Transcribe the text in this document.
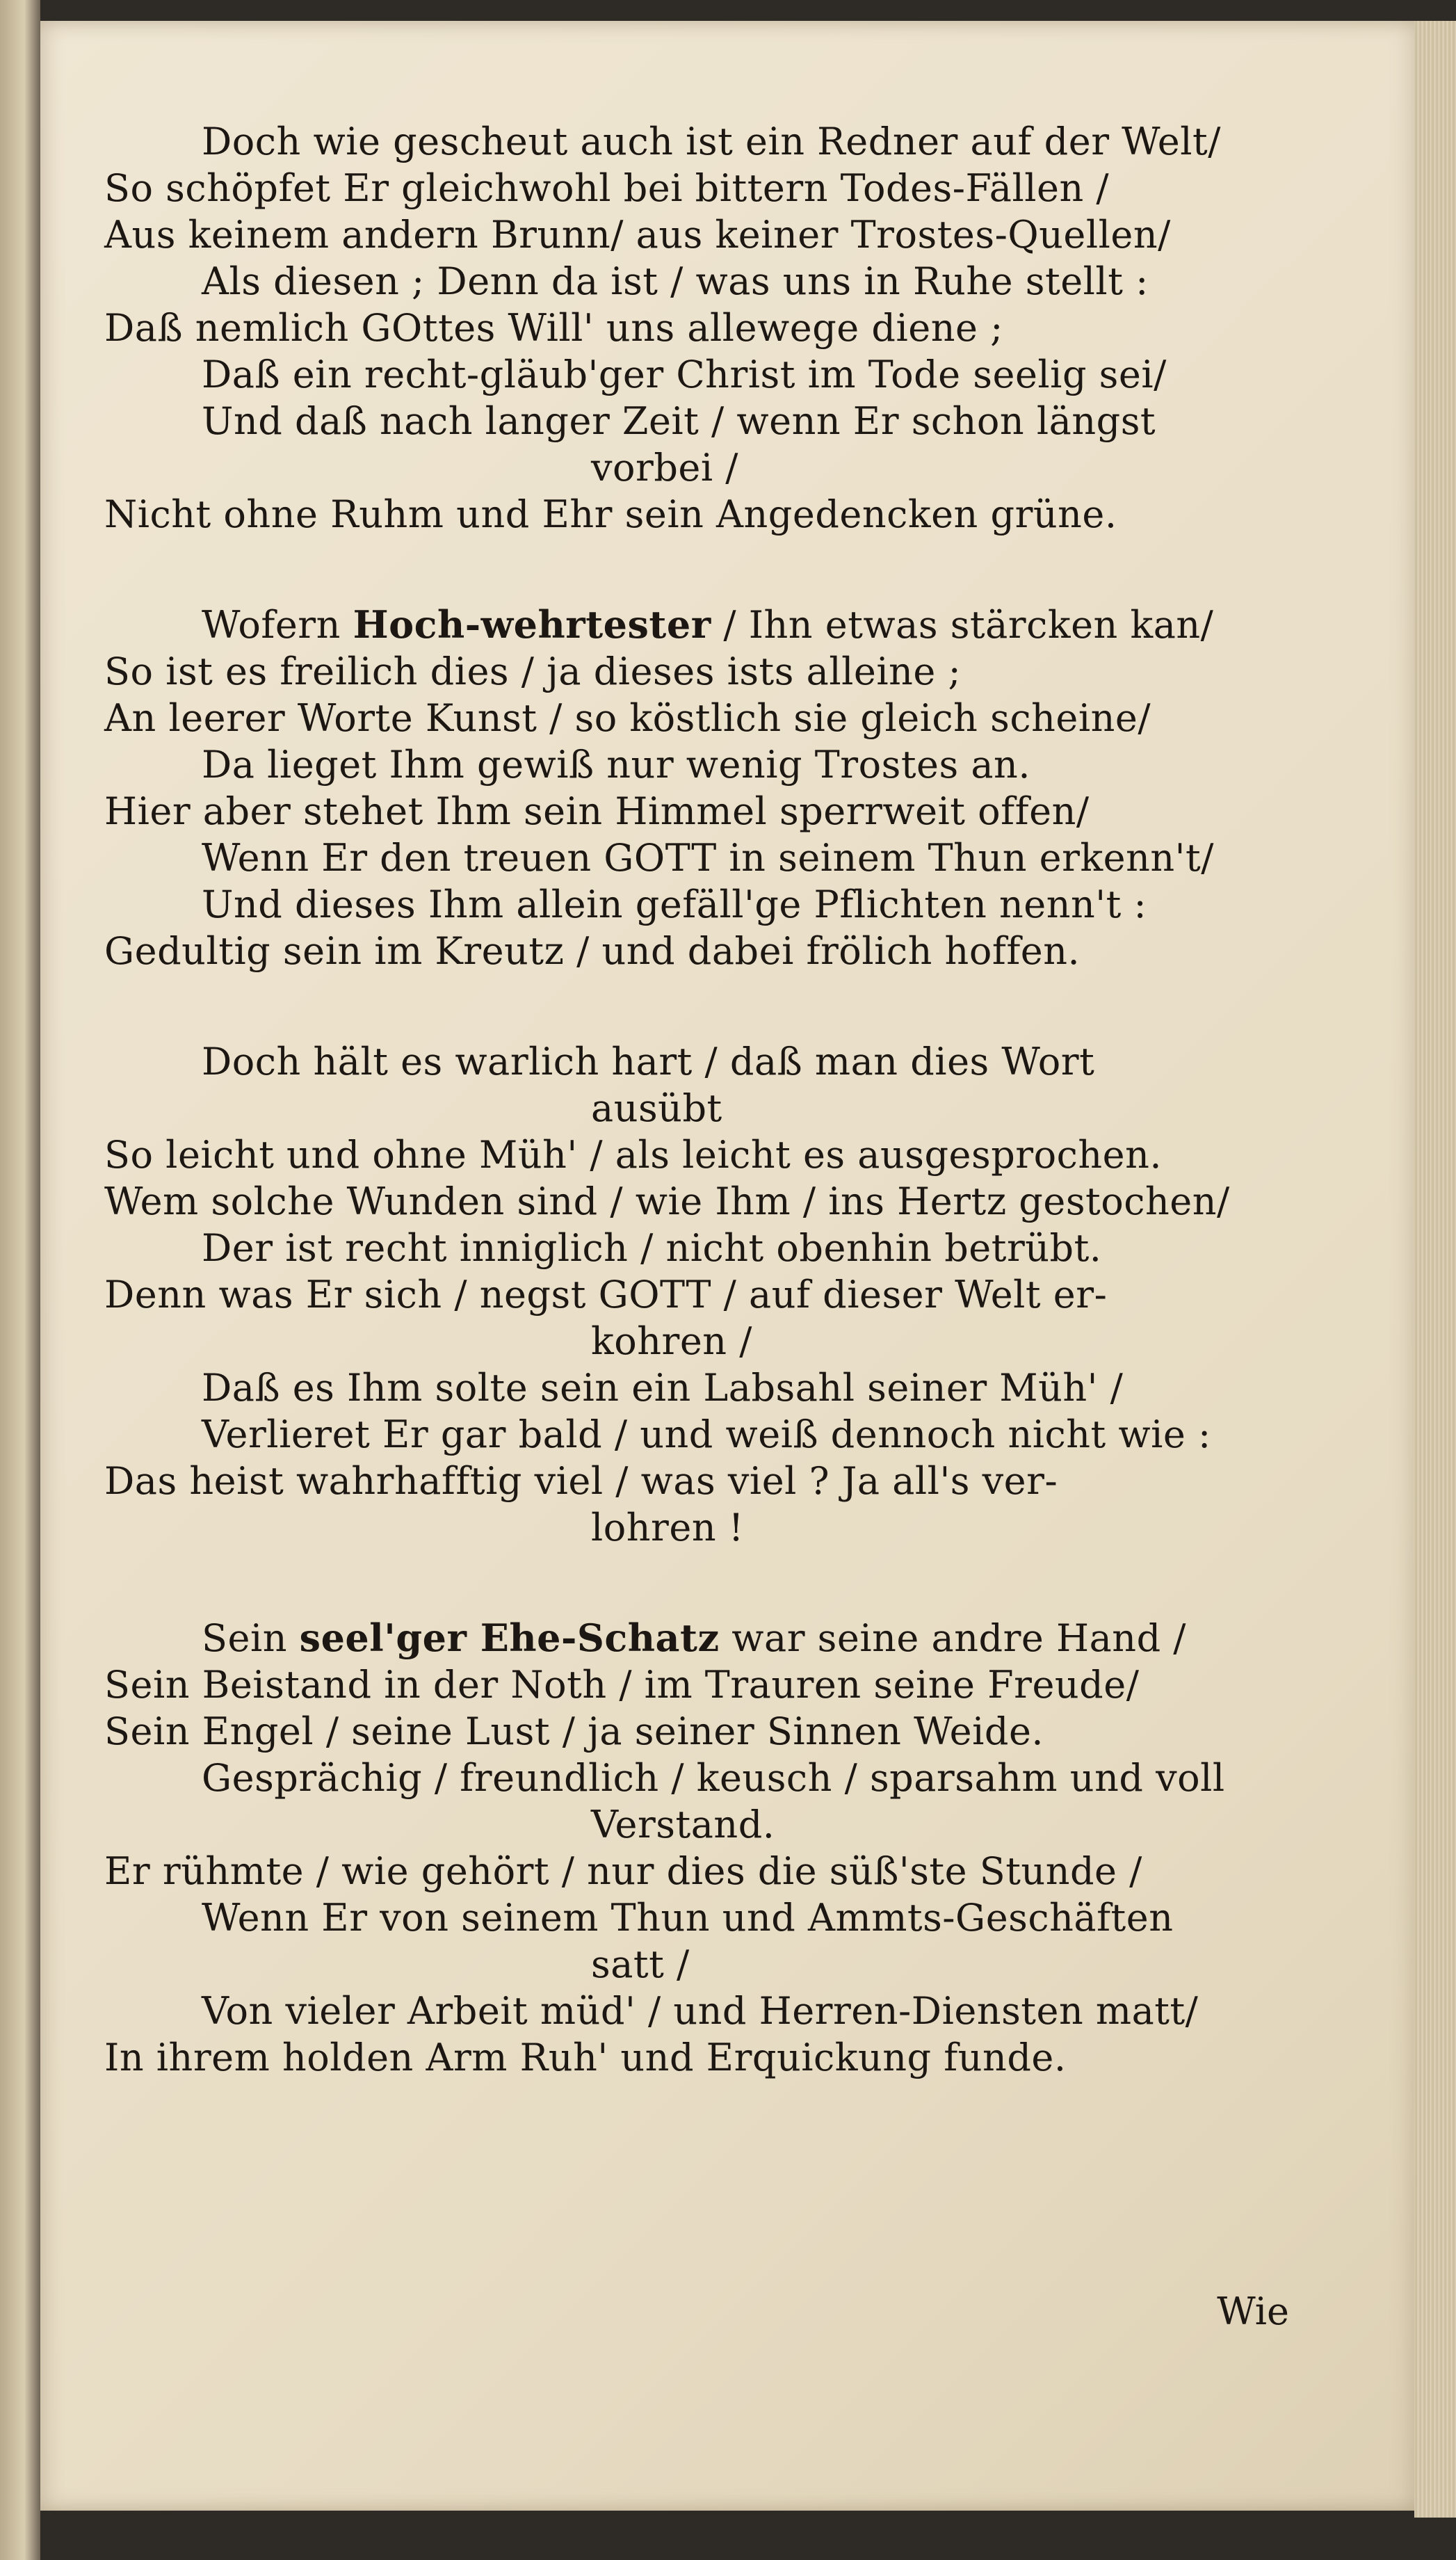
Doch wie gescheut auch ist ein Redner auf der Welt/
So schöpfet Er gleichwohl bei bittern Todes-Fällen /
Aus keinem andern Brunn/ aus keiner Trostes-Quellen/
Als diesen ; Denn da ist / was uns in Ruhe stellt :
Daß nemlich GOttes Will' uns allewege diene ;
Daß ein recht-gläub'ger Christ im Tode seelig sei/
Und daß nach langer Zeit / wenn Er schon längst
vorbei /
Nicht ohne Ruhm und Ehr sein Angedencken grüne.
Wofern Hoch-wehrtester / Ihn etwas stärcken kan/
So ist es freilich dies / ja dieses ists alleine ;
An leerer Worte Kunst / so köstlich sie gleich scheine/
Da lieget Ihm gewiß nur wenig Trostes an.
Hier aber stehet Ihm sein Himmel sperrweit offen/
Wenn Er den treuen GOTT in seinem Thun erkenn't/
Und dieses Ihm allein gefäll'ge Pflichten nenn't :
Gedultig sein im Kreutz / und dabei frölich hoffen.
Doch hält es warlich hart / daß man dies Wort
ausübt
So leicht und ohne Müh' / als leicht es ausgesprochen.
Wem solche Wunden sind / wie Ihm / ins Hertz gestochen/
Der ist recht inniglich / nicht obenhin betrübt.
Denn was Er sich / negst GOTT / auf dieser Welt er-
kohren /
Daß es Ihm solte sein ein Labsahl seiner Müh' /
Verlieret Er gar bald / und weiß dennoch nicht wie :
Das heist wahrhafftig viel / was viel ? Ja all's ver-
lohren !
Sein seel'ger Ehe-Schatz war seine andre Hand /
Sein Beistand in der Noth / im Trauren seine Freude/
Sein Engel / seine Lust / ja seiner Sinnen Weide.
Gesprächig / freundlich / keusch / sparsahm und voll
Verstand.
Er rühmte / wie gehört / nur dies die süß'ste Stunde /
Wenn Er von seinem Thun und Ammts-Geschäften
satt /
Von vieler Arbeit müd' / und Herren-Diensten matt/
In ihrem holden Arm Ruh' und Erquickung funde.
Wie
